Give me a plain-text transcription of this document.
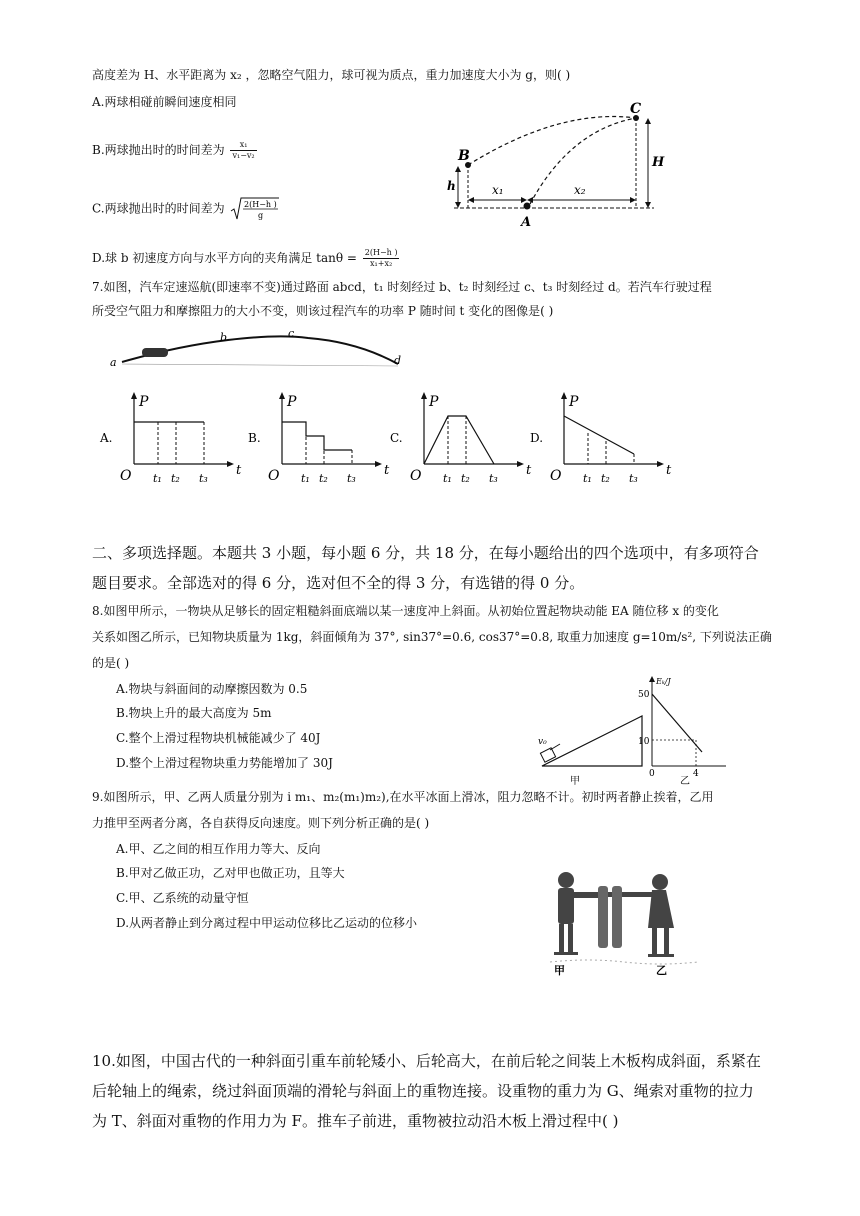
高度差为 H、水平距离为 x₂ ，忽略空气阻力，球可视为质点，重力加速度大小为 g，则( )
A.两球相碰前瞬间速度相同
B.两球抛出时的时间差为 $\frac{\text{x₁}}{\text{v₁−v₂}}$
C.两球抛出时的时间差为 2(H−h )
g
D.球 b 初速度方向与水平方向的夹角满足 $\tan\theta = \frac{2(H-h )}{\text{x₁+x₂}}$
B
C
A
h
H
x₁	x₂
7.如图，汽车定速巡航(即速率不变)通过路面 abcd，t₁ 时刻经过 b、t₂ 时刻经过 c、t₃ 时刻经过 d。若汽车行驶过程
所受空气阻力和摩擦阻力的大小不变，则该过程汽车的功率 P 随时间 t 变化的图像是( )
a
b	c
d
A.
P
t
O t₁ t₂ t₃
B.
P
t
O t₁ t₂ t₃
C.
P
t
O t₁ t₂ t₃
D.
P
t
O t₁ t₂ t₃
二、多项选择题。本题共 3 小题，每小题 6 分，共 18 分，在每小题给出的四个选项中，有多项符合
题目要求。全部选对的得 6 分，选对但不全的得 3 分，有选错的得 0 分。
8.如图甲所示，一物块从足够长的固定粗糙斜面底端以某一速度冲上斜面。从初始位置起物块动能 EA 随位移 x 的变化
关系如图乙所示，已知物块质量为 1kg，斜面倾角为 37°, sin37°=0.6, cos37°=0.8, 取重力加速度 g=10m/s², 下列说法正确
的是( )
A.物块与斜面间的动摩擦因数为 0.5
B.物块上升的最大高度为 5m
C.整个上滑过程物块机械能减少了 40J
D.整个上滑过程物块重力势能增加了 30J
v₀
甲
Eₖ/J
50
10
0	4
乙
9.如图所示，甲、乙两人质量分别为 i m₁、m₂(m₁)m₂),在水平冰面上滑冰，阻力忽略不计。初时两者静止挨着，乙用
力推甲至两者分离，各自获得反向速度。则下列分析正确的是( )
A.甲、乙之间的相互作用力等大、反向
B.甲对乙做正功，乙对甲也做正功，且等大
C.甲、乙系统的动量守恒
D.从两者静止到分离过程中甲运动位移比乙运动的位移小
甲	乙
10.如图，中国古代的一种斜面引重车前轮矮小、后轮高大，在前后轮之间装上木板构成斜面，系紧在
后轮轴上的绳索，绕过斜面顶端的滑轮与斜面上的重物连接。设重物的重力为 G、绳索对重物的拉力
为 T、斜面对重物的作用力为 F。推车子前进，重物被拉动沿木板上滑过程中( )
